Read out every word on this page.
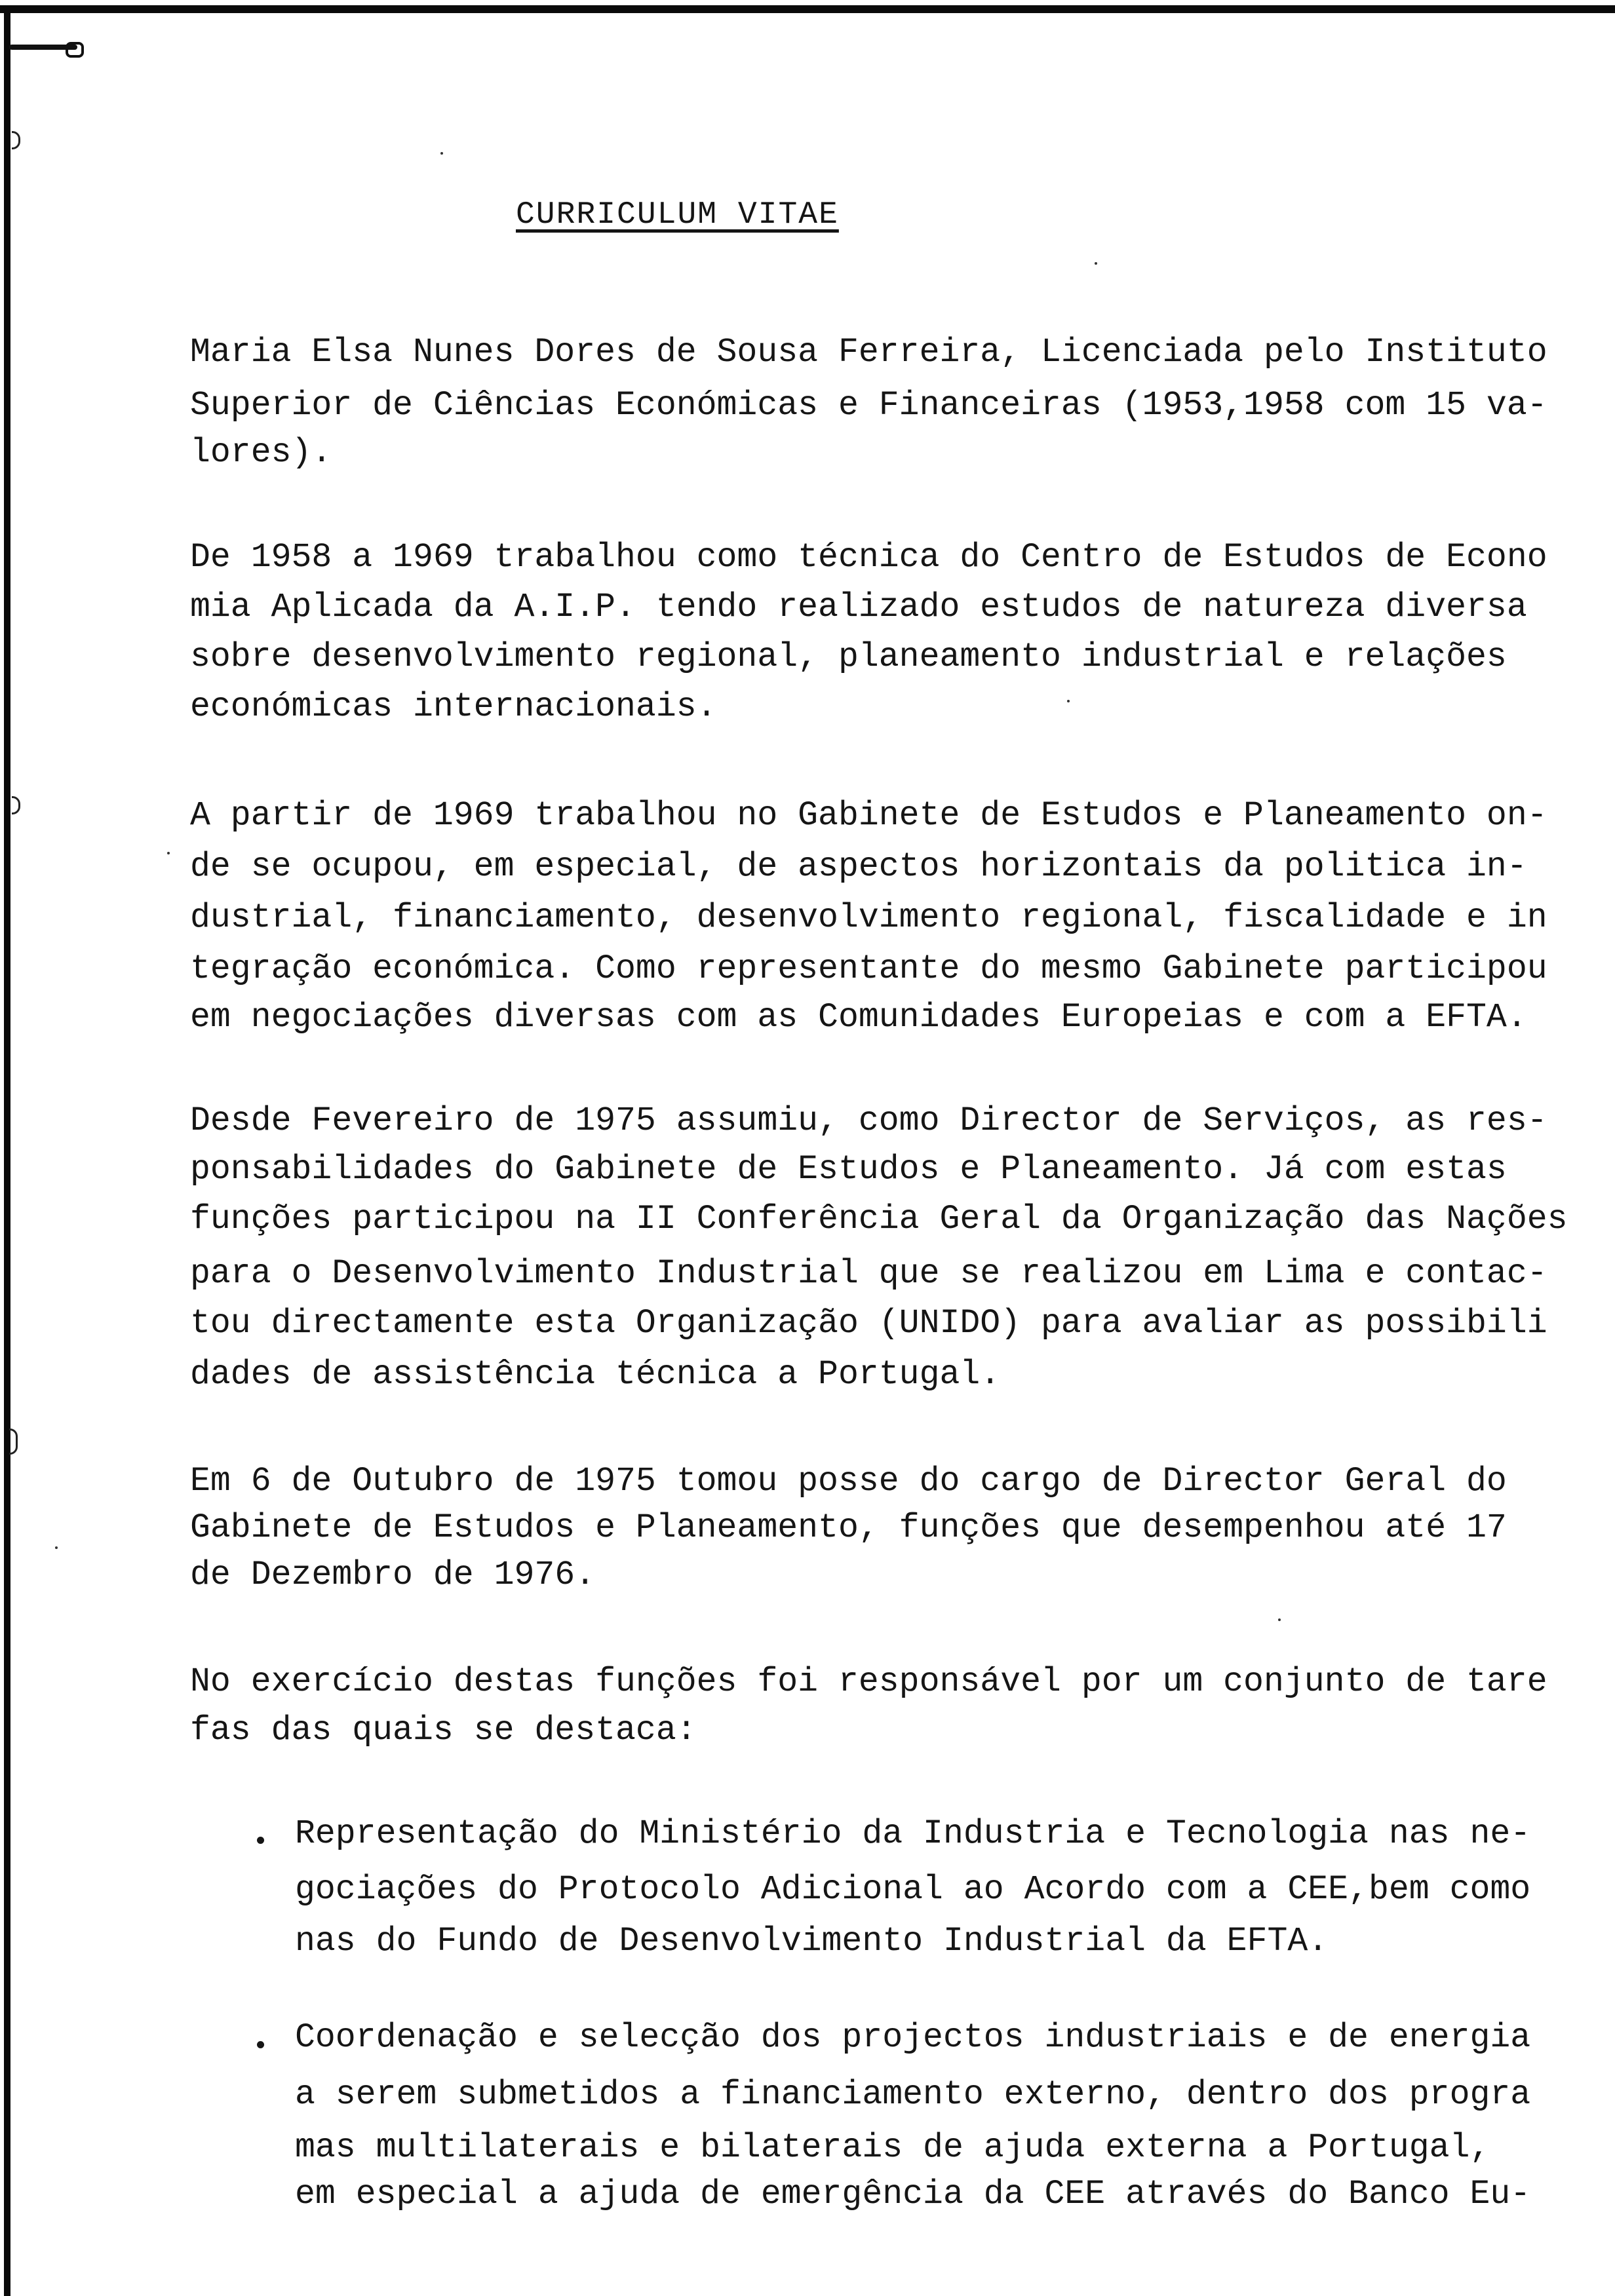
CURRICULUM VITAE
Maria Elsa Nunes Dores de Sousa Ferreira, Licenciada pelo Instituto
Superior de Ciências Económicas e Financeiras (1953,1958 com 15 va-
lores).
De 1958 a 1969 trabalhou como técnica do Centro de Estudos de Econo
mia Aplicada da A.I.P. tendo realizado estudos de natureza diversa
sobre desenvolvimento regional, planeamento industrial e relações
económicas internacionais.
A partir de 1969 trabalhou no Gabinete de Estudos e Planeamento on-
de se ocupou, em especial, de aspectos horizontais da politica in-
dustrial, financiamento, desenvolvimento regional, fiscalidade e in
tegração económica. Como representante do mesmo Gabinete participou
em negociações diversas com as Comunidades Europeias e com a EFTA.
Desde Fevereiro de 1975 assumiu, como Director de Serviços, as res-
ponsabilidades do Gabinete de Estudos e Planeamento. Já com estas
funções participou na II Conferência Geral da Organização das Nações
para o Desenvolvimento Industrial que se realizou em Lima e contac-
tou directamente esta Organização (UNIDO) para avaliar as possibili
dades de assistência técnica a Portugal.
Em 6 de Outubro de 1975 tomou posse do cargo de Director Geral do
Gabinete de Estudos e Planeamento, funções que desempenhou até 17
de Dezembro de 1976.
No exercício destas funções foi responsável por um conjunto de tare
fas das quais se destaca:
Representação do Ministério da Industria e Tecnologia nas ne-
gociações do Protocolo Adicional ao Acordo com a CEE,bem como
nas do Fundo de Desenvolvimento Industrial da EFTA.
Coordenação e selecção dos projectos industriais e de energia
a serem submetidos a financiamento externo, dentro dos progra
mas multilaterais e bilaterais de ajuda externa a Portugal,
em especial a ajuda de emergência da CEE através do Banco Eu-
